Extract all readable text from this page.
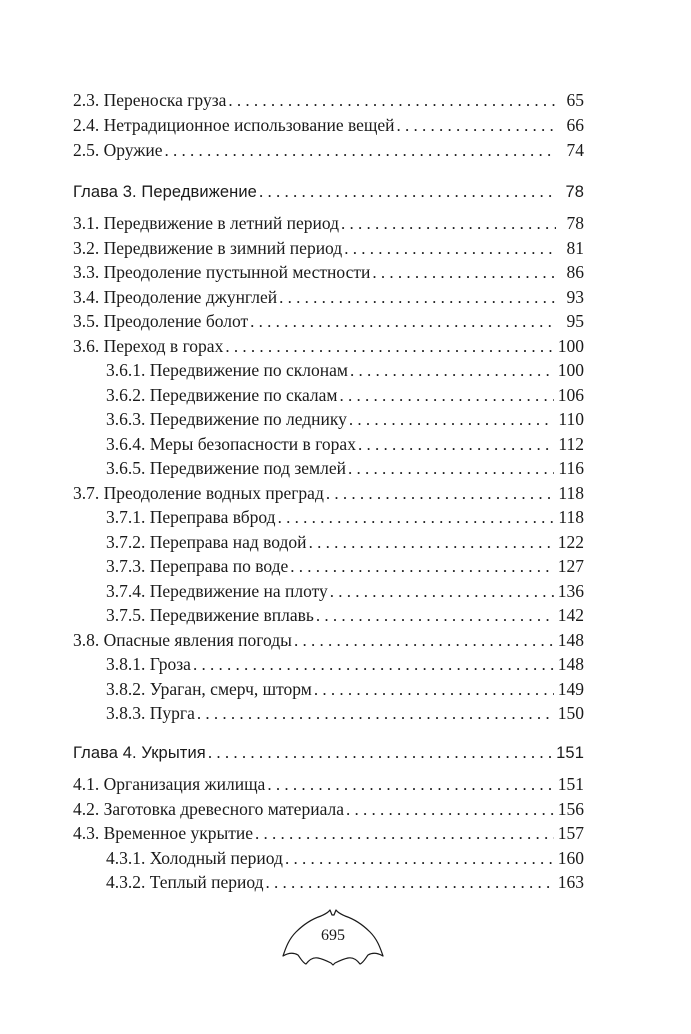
2.3. Переноска груза . . .	65
2.4. Нетрадиционное использование вещей . . .	66
2.5. Оружие . . .	74
Глава 3. Передвижение . . .	78
3.1. Передвижение в летний период . . .	78
3.2. Передвижение в зимний период . . .	81
3.3. Преодоление пустынной местности . . .	86
3.4. Преодоление джунглей . . .	93
3.5. Преодоление болот . . .	95
3.6. Переход в горах . . .	100
3.6.1. Передвижение по склонам . . .	100
3.6.2. Передвижение по скалам . . .	106
3.6.3. Передвижение по леднику . . .	110
3.6.4. Меры безопасности в горах . . .	112
3.6.5. Передвижение под землей . . .	116
3.7. Преодоление водных преград . . .	118
3.7.1. Переправа вброд . . .	118
3.7.2. Переправа над водой . . .	122
3.7.3. Переправа по воде . . .	127
3.7.4. Передвижение на плоту . . .	136
3.7.5. Передвижение вплавь . . .	142
3.8. Опасные явления погоды . . .	148
3.8.1. Гроза . . .	148
3.8.2. Ураган, смерч, шторм . . .	149
3.8.3. Пурга . . .	150
Глава 4. Укрытия . . .	151
4.1. Организация жилища . . .	151
4.2. Заготовка древесного материала . . .	156
4.3. Временное укрытие . . .	157
4.3.1. Холодный период . . .	160
4.3.2. Теплый период . . .	163
695
